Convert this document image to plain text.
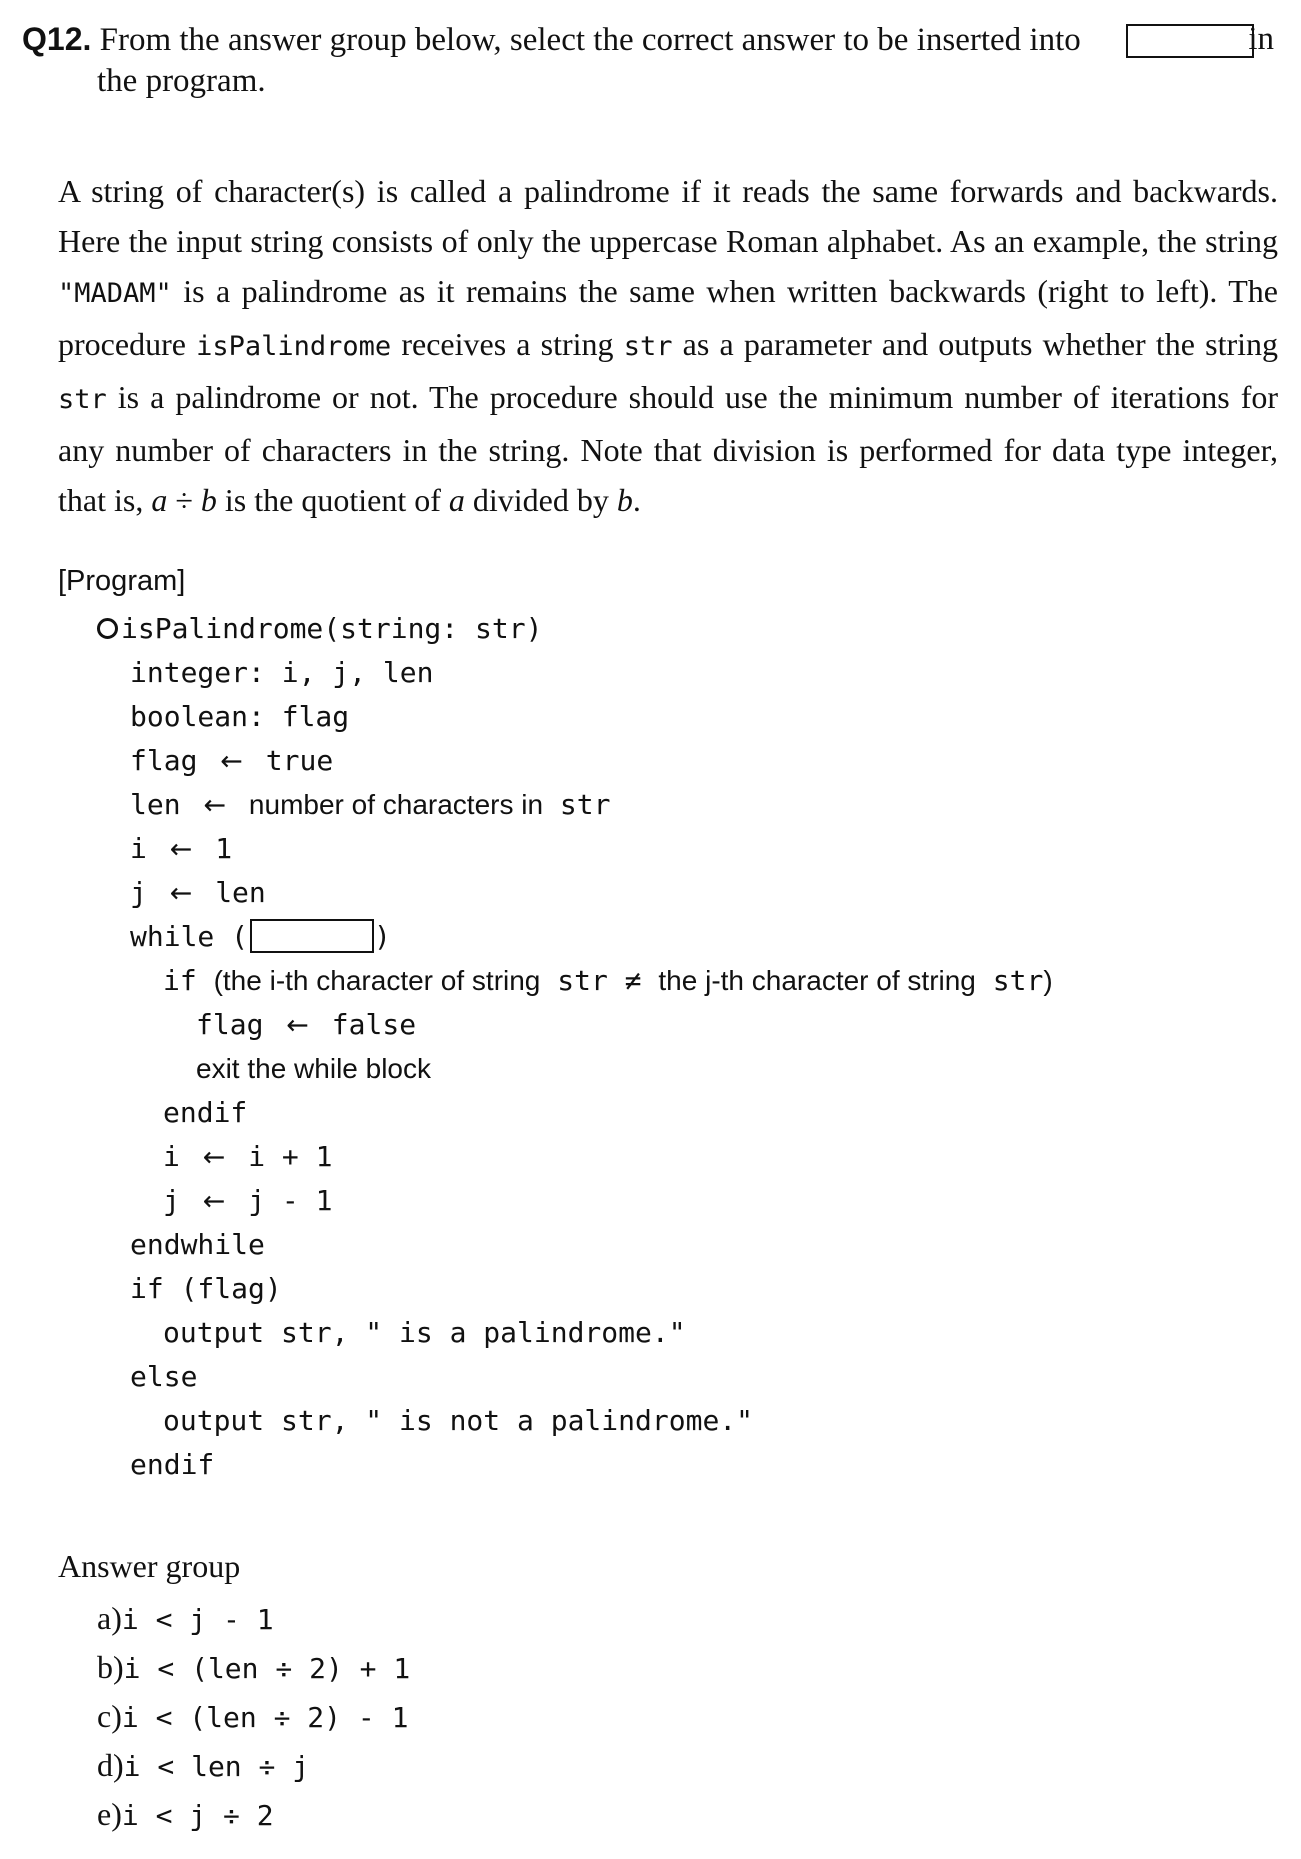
Q12. From the answer group below, select the correct answer to be inserted into	in
the program.
A string of character(s) is called a palindrome if it reads the same forwards and backwards. Here the input string consists of only the uppercase Roman alphabet. As an example, the string "MADAM" is a palindrome as it remains the same when written backwards (right to left). The procedure isPalindrome receives a string str as a parameter and outputs whether the string str is a palindrome or not. The procedure should use the minimum number of iterations for any number of characters in the string. Note that division is performed for data type integer, that is, a ÷ b is the quotient of a divided by b.
[Program]
isPalindrome(string: str)
integer: i, j, len
boolean: flag
flag ← true
len ← number of characters in str
i ← 1
j ← len
while (	)
if (the i-th character of string str ≠ the j-th character of string str)
flag ← false
exit the while block
endif
i ← i + 1
j ← j - 1
endwhile
if (flag)
output str, " is a palindrome."
else
output str, " is not a palindrome."
endif
Answer group
a)i < j - 1
b)i < (len ÷ 2) + 1
c)i < (len ÷ 2) - 1
d)i < len ÷ j
e)i < j ÷ 2
